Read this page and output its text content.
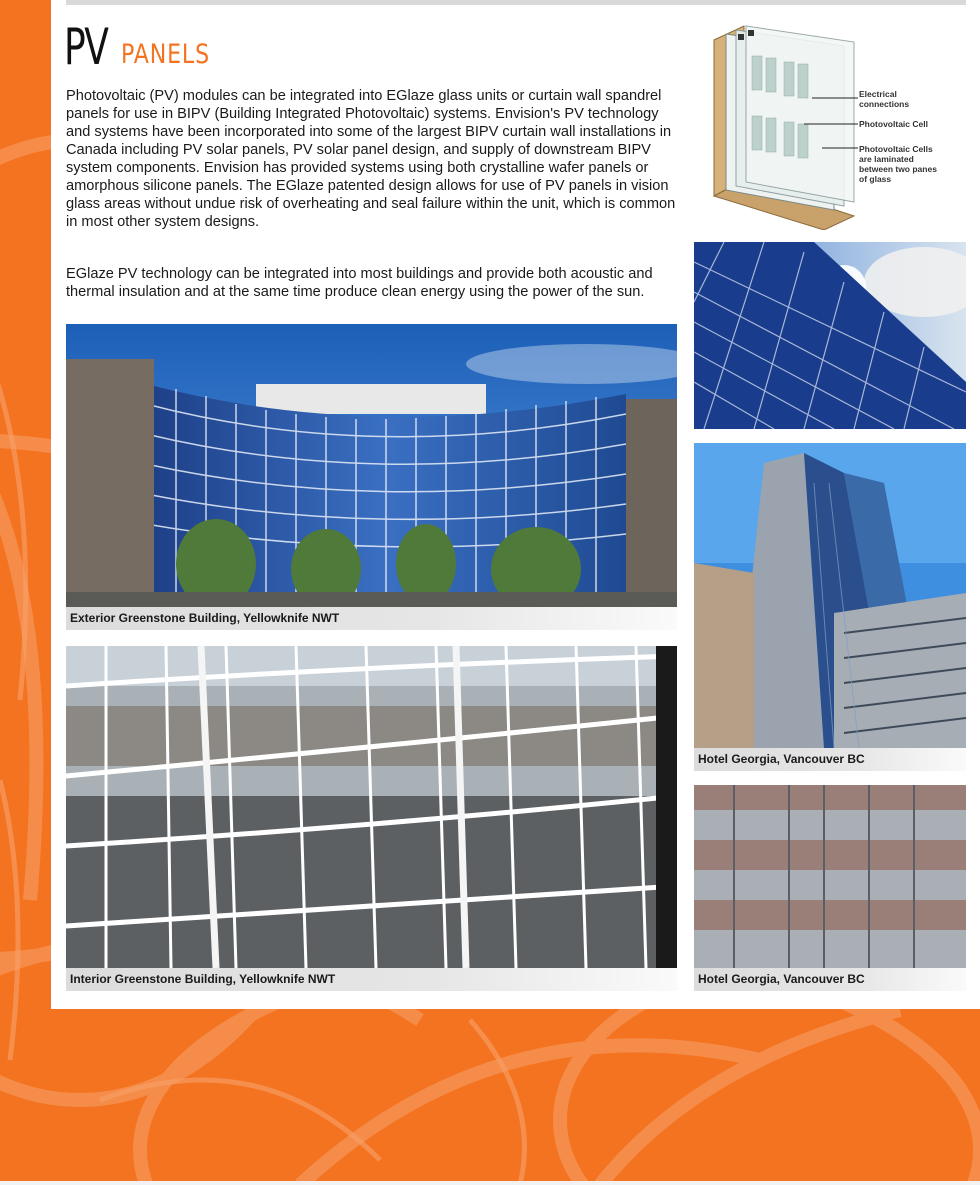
PV PANELS

Photovoltaic (PV) modules can be integrated into EGlaze glass units or curtain wall spandrel panels for use in BIPV (Building Integrated Photovoltaic) systems. Envision's PV technology and systems have been incorporated into some of the largest BIPV curtain wall installations in Canada including PV solar panels, PV solar panel design, and supply of downstream BIPV system components. Envision has provided systems using both crystalline wafer panels or amorphous silicone panels. The EGlaze patented design allows for use of PV panels in vision glass areas without undue risk of overheating and seal failure within the unit, which is common in most other system designs.

EGlaze PV technology can be integrated into most buildings and provide both acoustic and thermal insulation and at the same time produce clean energy using the power of the sun.

Electrical
connections
Photovoltaic Cell
Photovoltaic Cells
are laminated
between two panes
of glass
Exterior Greenstone Building, Yellowknife NWT
Interior Greenstone Building, Yellowknife NWT
Hotel Georgia, Vancouver BC
Hotel Georgia, Vancouver BC
